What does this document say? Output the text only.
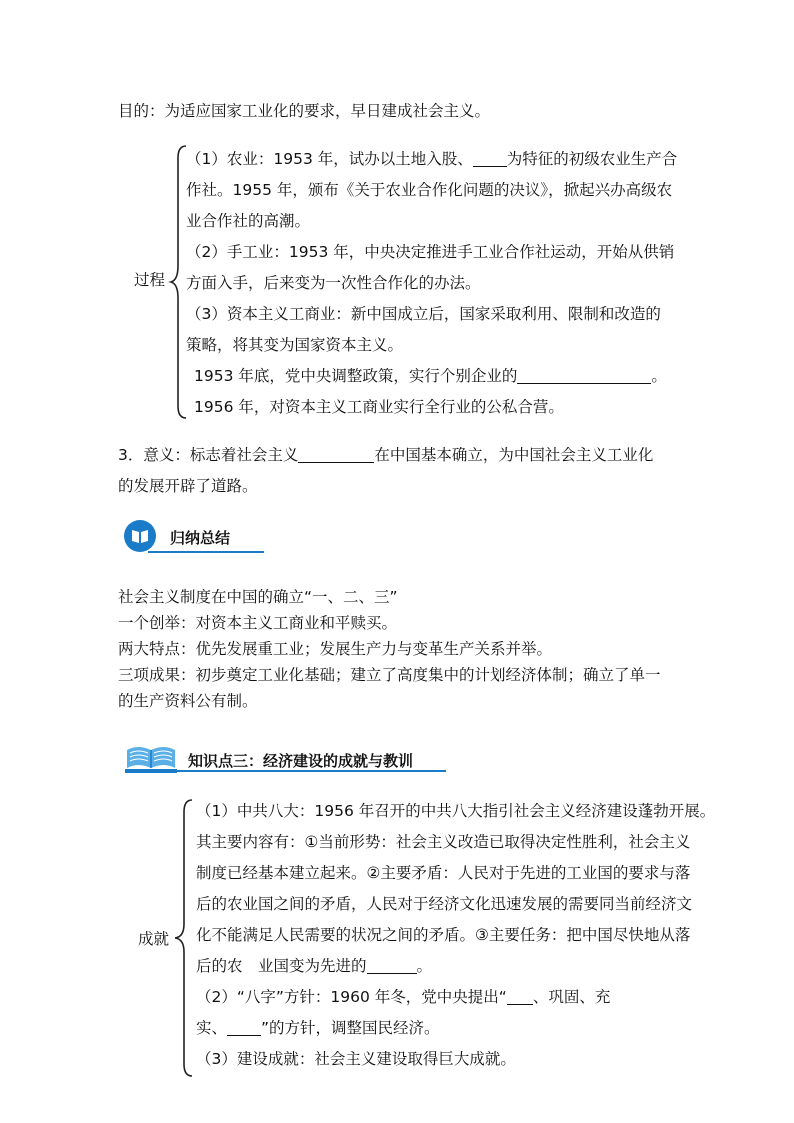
目的：为适应国家工业化的要求，早日建成社会主义。
过程
（1）农业：1953 年，试办以土地入股、 为特征的初级农业生产合
作社。1955 年，颁布《关于农业合作化问题的决议》，掀起兴办高级农
业合作社的高潮。
（2）手工业：1953 年，中央决定推进手工业合作社运动，开始从供销
方面入手，后来变为一次性合作化的办法。
（3）资本主义工商业：新中国成立后，国家采取利用、限制和改造的
策略，将其变为国家资本主义。
1953 年底，党中央调整政策，实行个别企业的	。
1956 年，对资本主义工商业实行全行业的公私合营。
3．意义：标志着社会主义	在中国基本确立，为中国社会主义工业化
的发展开辟了道路。
归纳总结
社会主义制度在中国的确立“一、二、三”
一个创举：对资本主义工商业和平赎买。
两大特点：优先发展重工业；发展生产力与变革生产关系并举。
三项成果：初步奠定工业化基础；建立了高度集中的计划经济体制；确立了单一
的生产资料公有制。
知识点三：经济建设的成就与教训
成就
（1）中共八大：1956 年召开的中共八大指引社会主义经济建设蓬勃开展。
其主要内容有：①当前形势：社会主义改造已取得决定性胜利，社会主义
制度已经基本建立起来。②主要矛盾：人民对于先进的工业国的要求与落
后的农业国之间的矛盾，人民对于经济文化迅速发展的需要同当前经济文
化不能满足人民需要的状况之间的矛盾。③主要任务：把中国尽快地从落
后的农　业国变为先进的	。
（2）“八字”方针：1960 年冬，党中央提出“ 、巩固、充
实、 ”的方针，调整国民经济。
（3）建设成就：社会主义建设取得巨大成就。
